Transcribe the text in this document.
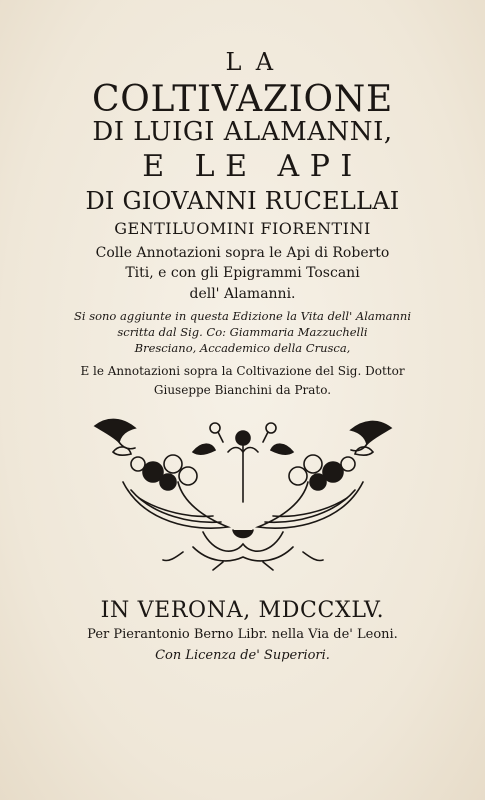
LA
COLTIVAZIONE
DI LUIGI ALAMANNI,
E LE API
DI GIOVANNI RUCELLAI
GENTILUOMINI FIORENTINI
Colle Annotazioni sopra le Api di Roberto
Titi, e con gli Epigrammi Toscani
dell' Alamanni.
Si sono aggiunte in questa Edizione la Vita dell' Alamanni
scritta dal Sig. Co: Giammaria Mazzuchelli
Bresciano, Accademico della Crusca,
E le Annotazioni sopra la Coltivazione del Sig. Dottor
Giuseppe Bianchini da Prato.
IN VERONA, MDCCXLV.
Per Pierantonio Berno Libr. nella Via de' Leoni.
Con Licenza de' Superiori.
